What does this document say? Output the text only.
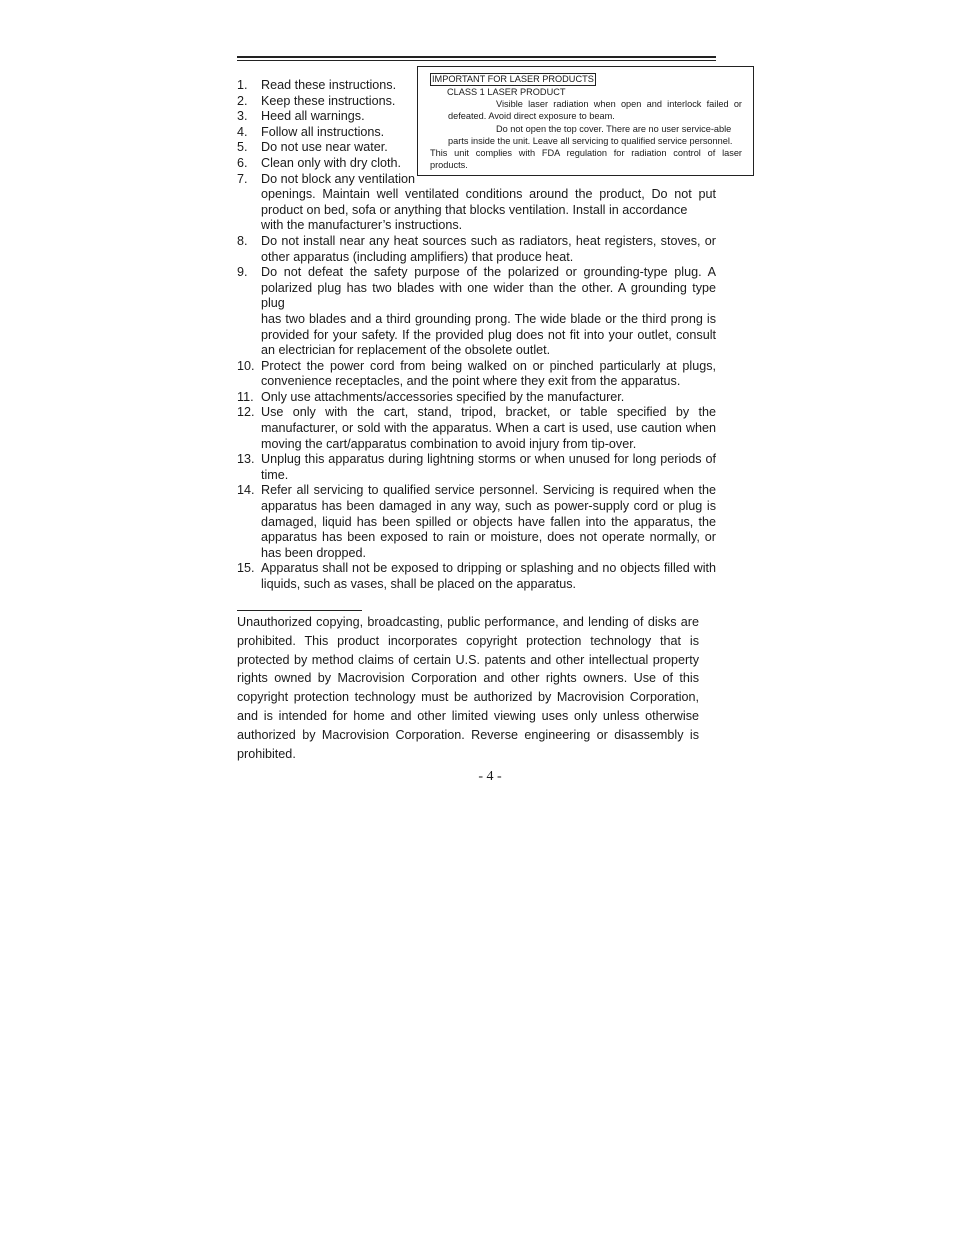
IMPORTANT FOR LASER PRODUCTS
CLASS 1 LASER PRODUCT
Visible laser radiation when open and interlock failed or
defeated. Avoid direct exposure to beam.
Do not open the top cover. There are no user service-able
parts inside the unit. Leave all servicing to qualified service personnel.
This unit complies with FDA regulation for radiation control of laser
products.
1. Read these instructions.
2. Keep these instructions.
3. Heed all warnings.
4. Follow all instructions.
5. Do not use near water.
6. Clean only with dry cloth.
7. Do not block any ventilation
openings. Maintain well ventilated conditions around the product, Do not put
product on bed, sofa or anything that blocks ventilation. Install in accordance
with the manufacturer’s instructions.
8. Do not install near any heat sources such as radiators, heat registers, stoves, or
other apparatus (including amplifiers) that produce heat.
9. Do not defeat the safety purpose of the polarized or grounding-type plug. A
polarized plug has two blades with one wider than the other. A grounding type plug
has two blades and a third grounding prong. The wide blade or the third prong is
provided for your safety. If the provided plug does not fit into your outlet, consult
an electrician for replacement of the obsolete outlet.
10. Protect the power cord from being walked on or pinched particularly at plugs,
convenience receptacles, and the point where they exit from the apparatus.
11. Only use attachments/accessories specified by the manufacturer.
12. Use only with the cart, stand, tripod, bracket, or table specified by the
manufacturer, or sold with the apparatus. When a cart is used, use caution when
moving the cart/apparatus combination to avoid injury from tip-over.
13. Unplug this apparatus during lightning storms or when unused for long periods of
time.
14. Refer all servicing to qualified service personnel. Servicing is required when the
apparatus has been damaged in any way, such as power-supply cord or plug is
damaged, liquid has been spilled or objects have fallen into the apparatus, the
apparatus has been exposed to rain or moisture, does not operate normally, or
has been dropped.
15. Apparatus shall not be exposed to dripping or splashing and no objects filled with
liquids, such as vases, shall be placed on the apparatus.
Unauthorized copying, broadcasting, public performance, and lending of disks are
prohibited. This product incorporates copyright protection technology that is
protected by method claims of certain U.S. patents and other intellectual property
rights owned by Macrovision Corporation and other rights owners. Use of this
copyright protection technology must be authorized by Macrovision Corporation,
and is intended for home and other limited viewing uses only unless otherwise
authorized by Macrovision Corporation. Reverse engineering or disassembly is
prohibited.
- 4 -
